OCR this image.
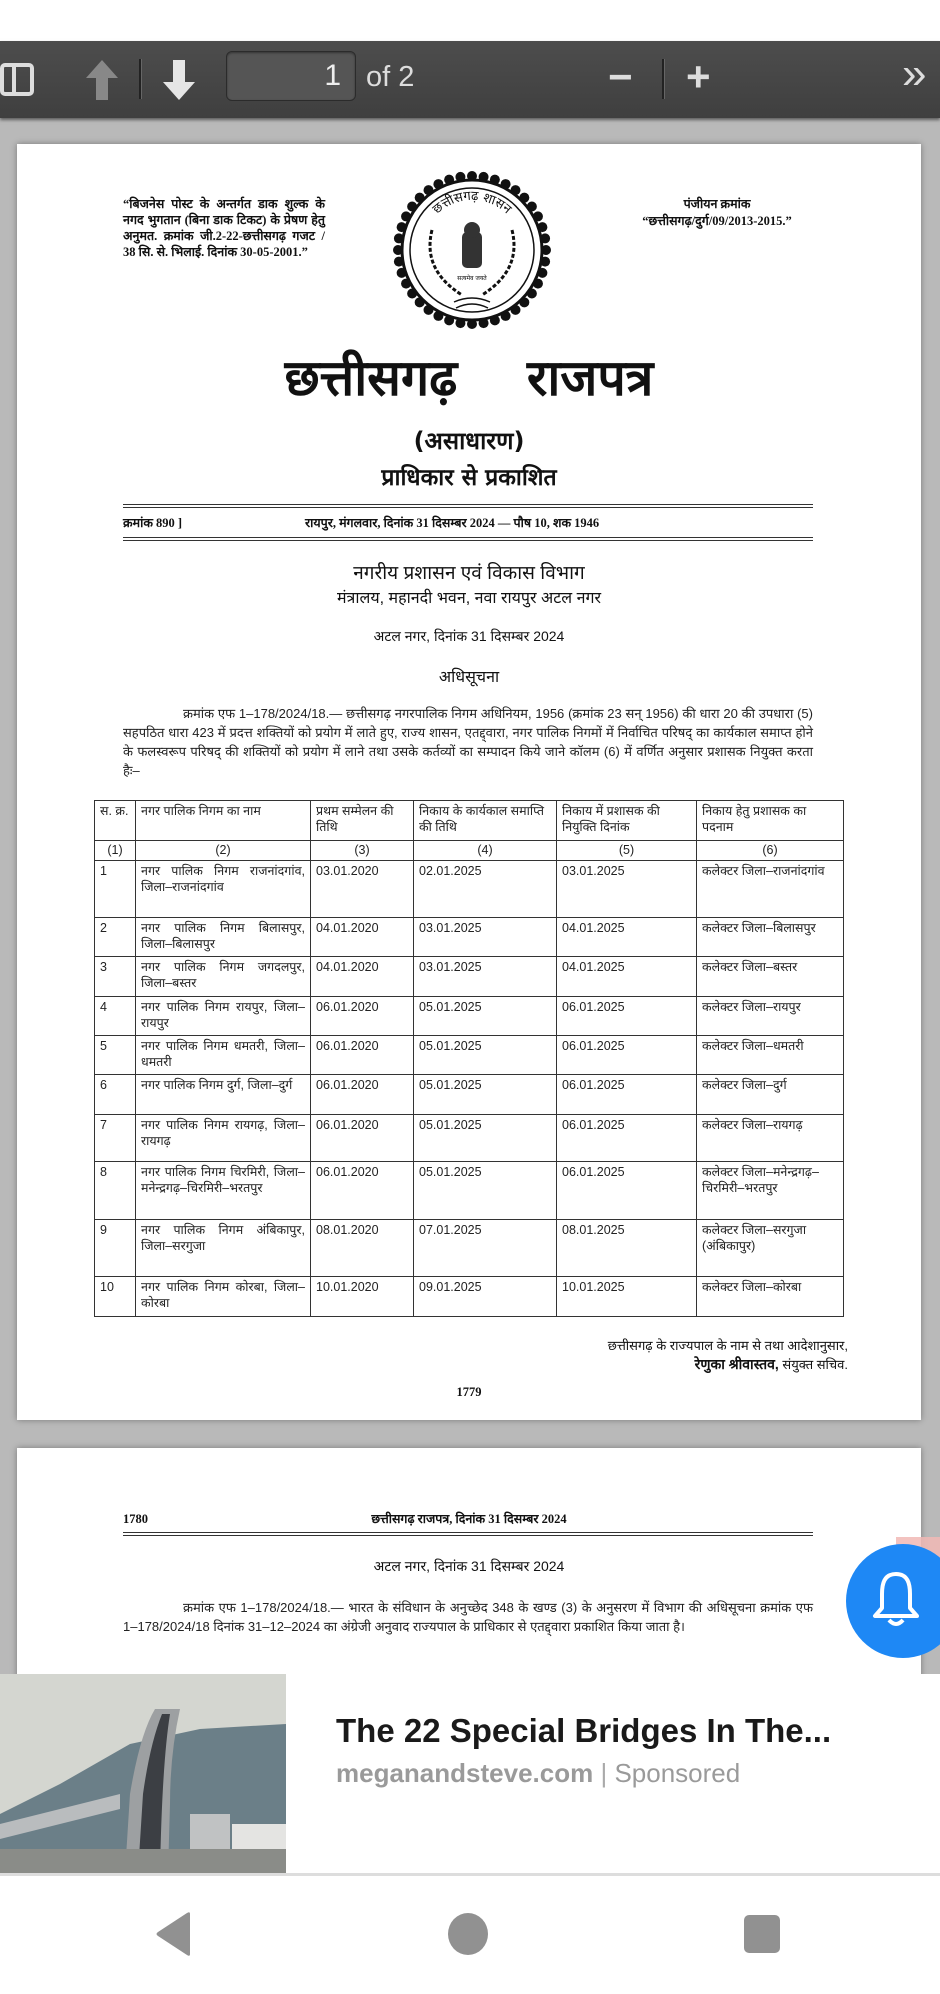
1 of 2	− +	»
“बिजनेस पोस्ट के अन्तर्गत डाक शुल्क के नगद भुगतान (बिना डाक टिकट) के प्रेषण हेतु अनुमत. क्रमांक जी.2-22-छत्तीसगढ़ गजट / 38 सि. से. भिलाई. दिनांक 30-05-2001.”
पंजीयन क्रमांक
“छत्तीसगढ़/दुर्ग/09/2013-2015.”
छत्तीसगढ़ शासन
सत्यमेव जयते
छत्तीसगढ़    राजपत्र
(असाधारण)
प्राधिकार से प्रकाशित
क्रमांक 890 ]	रायपुर, मंगलवार, दिनांक 31 दिसम्बर 2024 — पौष 10, शक 1946
नगरीय प्रशासन एवं विकास विभाग
मंत्रालय, महानदी भवन, नवा रायपुर अटल नगर
अटल नगर, दिनांक 31 दिसम्बर 2024
अधिसूचना
क्रमांक एफ 1–178/2024/18.— छत्तीसगढ़ नगरपालिक निगम अधिनियम, 1956 (क्रमांक 23 सन् 1956) की धारा 20 की उपधारा (5) सहपठित धारा 423 में प्रदत्त शक्तियों को प्रयोग में लाते हुए, राज्य शासन, एतद्द्वारा, नगर पालिक निगमों में निर्वाचित परिषद् का कार्यकाल समाप्त होने के फलस्वरूप परिषद् की शक्तियों को प्रयोग में लाने तथा उसके कर्तव्यों का सम्पादन किये जाने कॉलम (6) में वर्णित अनुसार प्रशासक नियुक्त करता हैः–
स. क्र.	नगर पालिक निगम का नाम	प्रथम सम्मेलन की तिथि	निकाय के कार्यकाल समाप्ति की तिथि	निकाय में प्रशासक की नियुक्ति दिनांक	निकाय हेतु प्रशासक का पदनाम
(1)	(2)	(3)	(4)	(5)	(6)
1	नगर पालिक निगम राजनांदगांव, जिला–राजनांदगांव	03.01.2020	02.01.2025	03.01.2025	कलेक्टर जिला–राजनांदगांव
2	नगर पालिक निगम बिलासपुर, जिला–बिलासपुर	04.01.2020	03.01.2025	04.01.2025	कलेक्टर जिला–बिलासपुर
3	नगर पालिक निगम जगदलपुर, जिला–बस्तर	04.01.2020	03.01.2025	04.01.2025	कलेक्टर जिला–बस्तर
4	नगर पालिक निगम रायपुर, जिला–रायपुर	06.01.2020	05.01.2025	06.01.2025	कलेक्टर जिला–रायपुर
5	नगर पालिक निगम धमतरी, जिला–धमतरी	06.01.2020	05.01.2025	06.01.2025	कलेक्टर जिला–धमतरी
6	नगर पालिक निगम दुर्ग, जिला–दुर्ग	06.01.2020	05.01.2025	06.01.2025	कलेक्टर जिला–दुर्ग
7	नगर पालिक निगम रायगढ़, जिला–रायगढ़	06.01.2020	05.01.2025	06.01.2025	कलेक्टर जिला–रायगढ़
8	नगर पालिक निगम चिरमिरी, जिला–मनेन्द्रगढ़–चिरमिरी–भरतपुर	06.01.2020	05.01.2025	06.01.2025	कलेक्टर जिला–मनेन्द्रगढ़–चिरमिरी–भरतपुर
9	नगर पालिक निगम अंबिकापुर, जिला–सरगुजा	08.01.2020	07.01.2025	08.01.2025	कलेक्टर जिला–सरगुजा (अंबिकापुर)
10	नगर पालिक निगम कोरबा, जिला–कोरबा	10.01.2020	09.01.2025	10.01.2025	कलेक्टर जिला–कोरबा
छत्तीसगढ़ के राज्यपाल के नाम से तथा आदेशानुसार,
रेणुका श्रीवास्तव, संयुक्त सचिव.
1779
1780	छत्तीसगढ़ राजपत्र, दिनांक 31 दिसम्बर 2024
अटल नगर, दिनांक 31 दिसम्बर 2024
क्रमांक एफ 1–178/2024/18.— भारत के संविधान के अनुच्छेद 348 के खण्ड (3) के अनुसरण में विभाग की अधिसूचना क्रमांक एफ 1–178/2024/18 दिनांक 31–12–2024 का अंग्रेजी अनुवाद राज्यपाल के प्राधिकार से एतद्द्वारा प्रकाशित किया जाता है।
The 22 Special Bridges In The...
meganandsteve.com | Sponsored
